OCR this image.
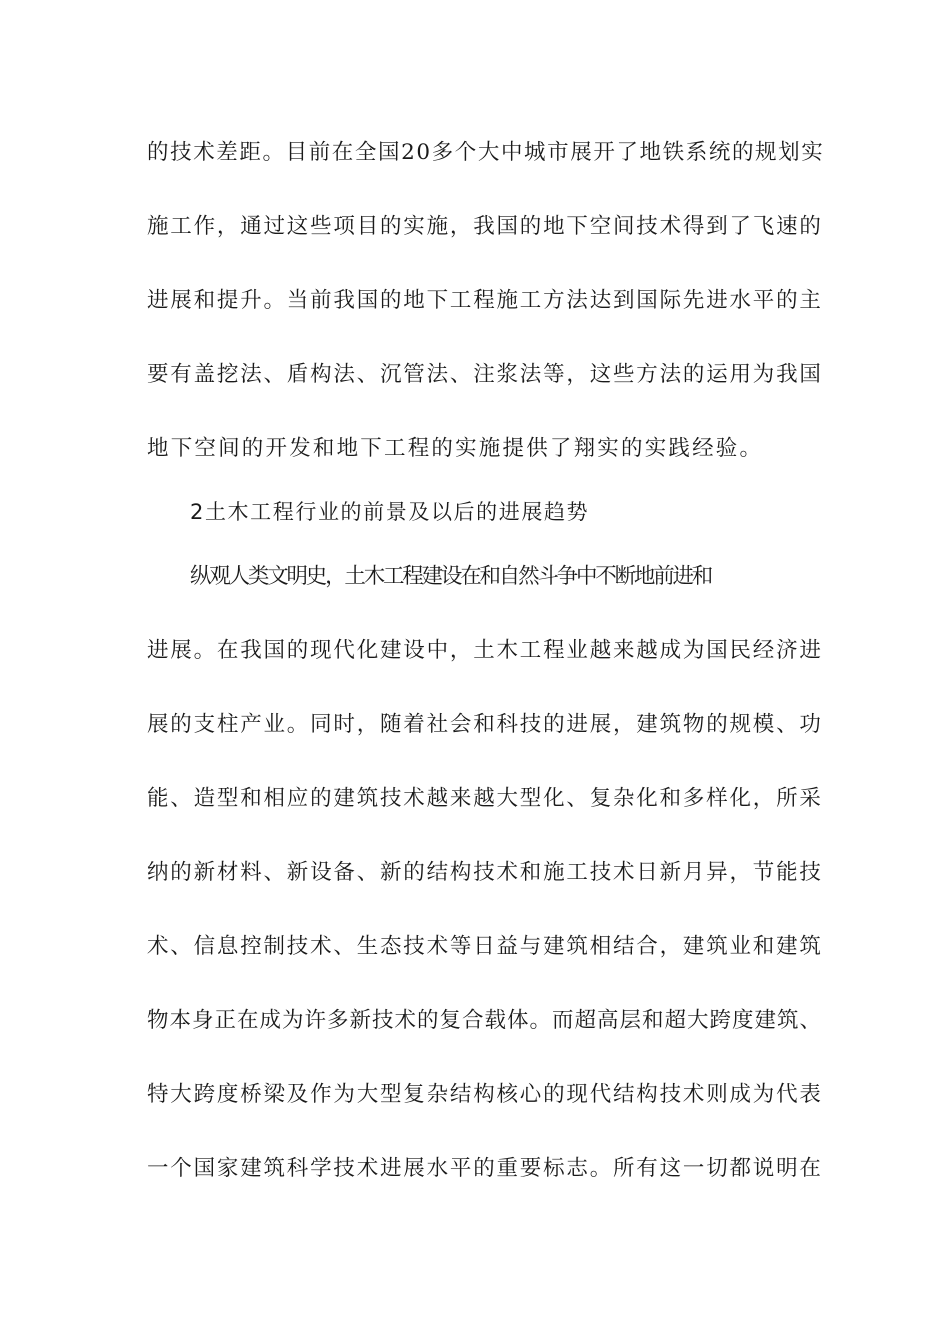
的技术差距。目前在全国20多个大中城市展开了地铁系统的规划实
施工作，通过这些项目的实施，我国的地下空间技术得到了飞速的
进展和提升。当前我国的地下工程施工方法达到国际先进水平的主
要有盖挖法、盾构法、沉管法、注浆法等，这些方法的运用为我国
地下空间的开发和地下工程的实施提供了翔实的实践经验。
2土木工程行业的前景及以后的进展趋势
纵观人类文明史，土木工程建设在和自然斗争中不断地前进和
进展。在我国的现代化建设中，土木工程业越来越成为国民经济进
展的支柱产业。同时，随着社会和科技的进展，建筑物的规模、功
能、造型和相应的建筑技术越来越大型化、复杂化和多样化，所采
纳的新材料、新设备、新的结构技术和施工技术日新月异，节能技
术、信息控制技术、生态技术等日益与建筑相结合，建筑业和建筑
物本身正在成为许多新技术的复合载体。而超高层和超大跨度建筑、
特大跨度桥梁及作为大型复杂结构核心的现代结构技术则成为代表
一个国家建筑科学技术进展水平的重要标志。所有这一切都说明在
